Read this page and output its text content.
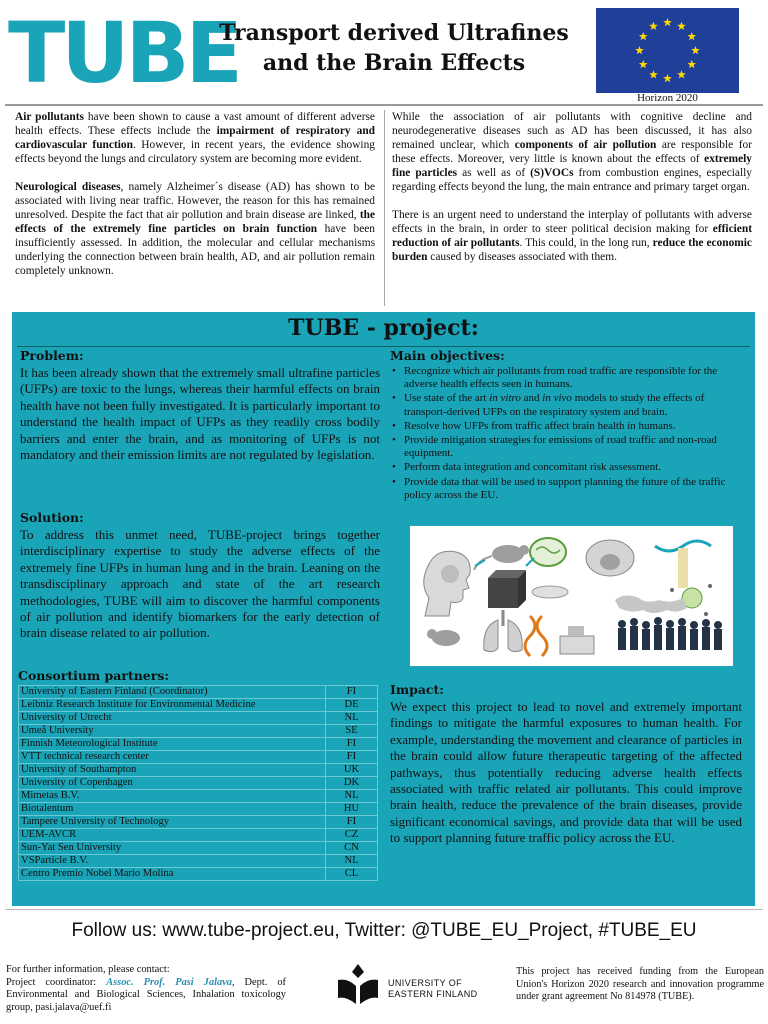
TUBE
Transport derived Ultrafines
and the Brain Effects
Horizon 2020

Air pollutants have been shown to cause a vast amount of different adverse health effects. These effects include the impairment of respiratory and cardiovascular function. However, in recent years, the evidence showing effects beyond the lungs and circulatory system are becoming more evident.

Neurological diseases, namely Alzheimer´s disease (AD) has shown to be associated with living near traffic. However, the reason for this has remained unresolved. Despite the fact that air pollution and brain disease are linked, the effects of the extremely fine particles on brain function have been insufficiently assessed. In addition, the molecular and cellular mechanisms underlying the connection between brain health, AD, and air pollution remain completely unknown.

While the association of air pollutants with cognitive decline and neurodegenerative diseases such as AD has been discussed, it has also remained unclear, which components of air pollution are responsible for these effects. Moreover, very little is known about the effects of extremely fine particles as well as of (S)VOCs from combustion engines, especially regarding effects beyond the lung, the main entrance and primary target organ.

There is an urgent need to understand the interplay of pollutants with adverse effects in the brain, in order to steer political decision making for efficient reduction of air pollutants. This could, in the long run, reduce the economic burden caused by diseases associated with them.

TUBE - project:
Problem:

It has been already shown that the extremely small ultrafine particles (UFPs) are toxic to the lungs, whereas their harmful effects on brain health have not been fully investigated. It is particularly important to understand the health impact of UFPs as they readily cross bodily barriers and enter the brain, and as monitoring of UFPs is not mandatory and their emission limits are not regulated by legislation.

Solution:

To address this unmet need, TUBE-project brings together interdisciplinary expertise to study the adverse effects of the extremely fine UFPs in human lung and in the brain. Leaning on the transdisciplinary approach and state of the art research methodologies, TUBE will aim to discover the harmful components of air pollution and identify biomarkers for the early detection of brain disease related to air pollution.

Main objectives:
• Recognize which air pollutants from road traffic are responsible for the adverse health effects seen in humans.
• Use state of the art in vitro and in vivo models to study the effects of transport-derived UFPs on the respiratory system and brain.
• Resolve how UFPs from traffic affect brain health in humans.
• Provide mitigation strategies for emissions of road traffic and non-road equipment.
• Perform data integration and concomitant risk assessment.
• Provide data that will be used to support planning the future of the traffic policy across the EU.
Consortium partners:
University of Eastern Finland (Coordinator)	FI
Leibniz Research Institute for Environmental Medicine	DE
University of Utrecht	NL
Umeå University	SE
Finnish Meteorological Institute	FI
VTT technical research center	FI
University of Southampton	UK
University of Copenhagen	DK
Mimetas B.V.	NL
Biotalentum	HU
Tampere University of Technology	FI
UEM-AVCR	CZ
Sun-Yat Sen University	CN
VSParticle B.V.	NL
Centro Premio Nobel Mario Molina	CL
Impact:

We expect this project to lead to novel and extremely important findings to mitigate the harmful exposures to human health. For example, understanding the movement and clearance of particles in the brain could allow future therapeutic targeting of the affected pathways, thus potentially reducing adverse health effects associated with traffic related air pollutants. This could improve brain health, reduce the prevalence of the brain diseases, provide significant economical savings, and provide data that will be used to support planning future traffic policy across the EU.

Follow us: www.tube-project.eu, Twitter: @TUBE_EU_Project, #TUBE_EU
For further information, please contact:
Project coordinator: Assoc. Prof. Pasi Jalava, Dept. of Environmental and Biological Sciences, Inhalation toxicology group, pasi.jalava@uef.fi
UNIVERSITY OF
EASTERN FINLAND
This project has received funding from the European Union's Horizon 2020 research and innovation programme under grant agreement No 814978 (TUBE).
